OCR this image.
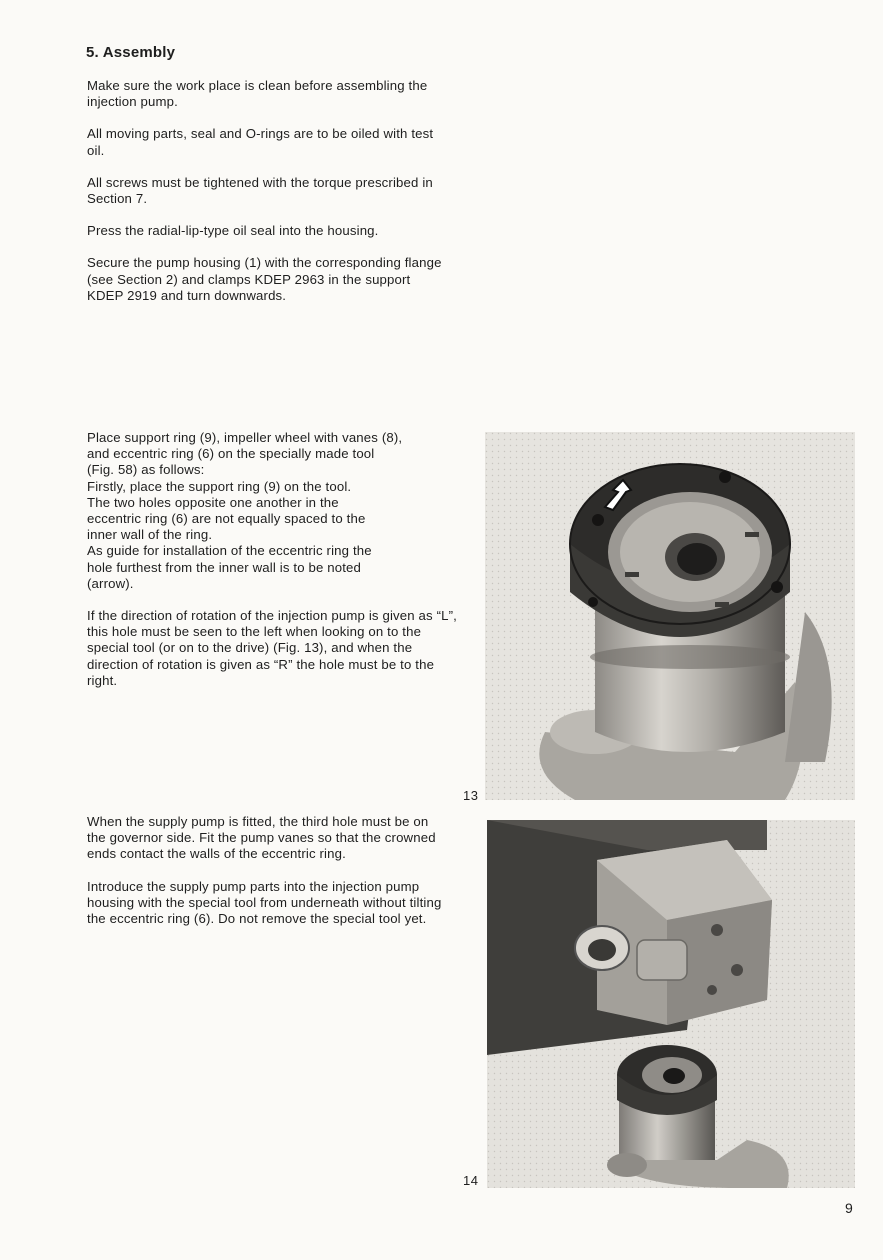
5. Assembly

Make sure the work place is clean before assembling the injection pump.

All moving parts, seal and O-rings are to be oiled with test oil.

All screws must be tightened with the torque prescribed in Section 7.

Press the radial-lip-type oil seal into the housing.

Secure the pump housing (1) with the corresponding flange (see Section 2) and clamps KDEP 2963 in the support KDEP 2919 and turn downwards.

Place support ring (9), impeller wheel with vanes (8),
and eccentric ring (6) on the specially made tool
(Fig. 58) as follows:
Firstly, place the support ring (9) on the tool.
The two holes opposite one another in the
eccentric ring (6) are not equally spaced to the
inner wall of the ring.
As guide for installation of the eccentric ring the
hole furthest from the inner wall is to be noted
(arrow).

If the direction of rotation of the injection pump is given as “L”, this hole must be seen to the left when looking on to the special tool (or on to the drive) (Fig. 13), and when the direction of rotation is given as “R” the hole must be to the right.

When the supply pump is fitted, the third hole must be on the governor side. Fit the pump vanes so that the crowned ends contact the walls of the eccentric ring.

Introduce the supply pump parts into the injection pump housing with the special tool from underneath without tilting the eccentric ring (6). Do not remove the special tool yet.

13
14
9
